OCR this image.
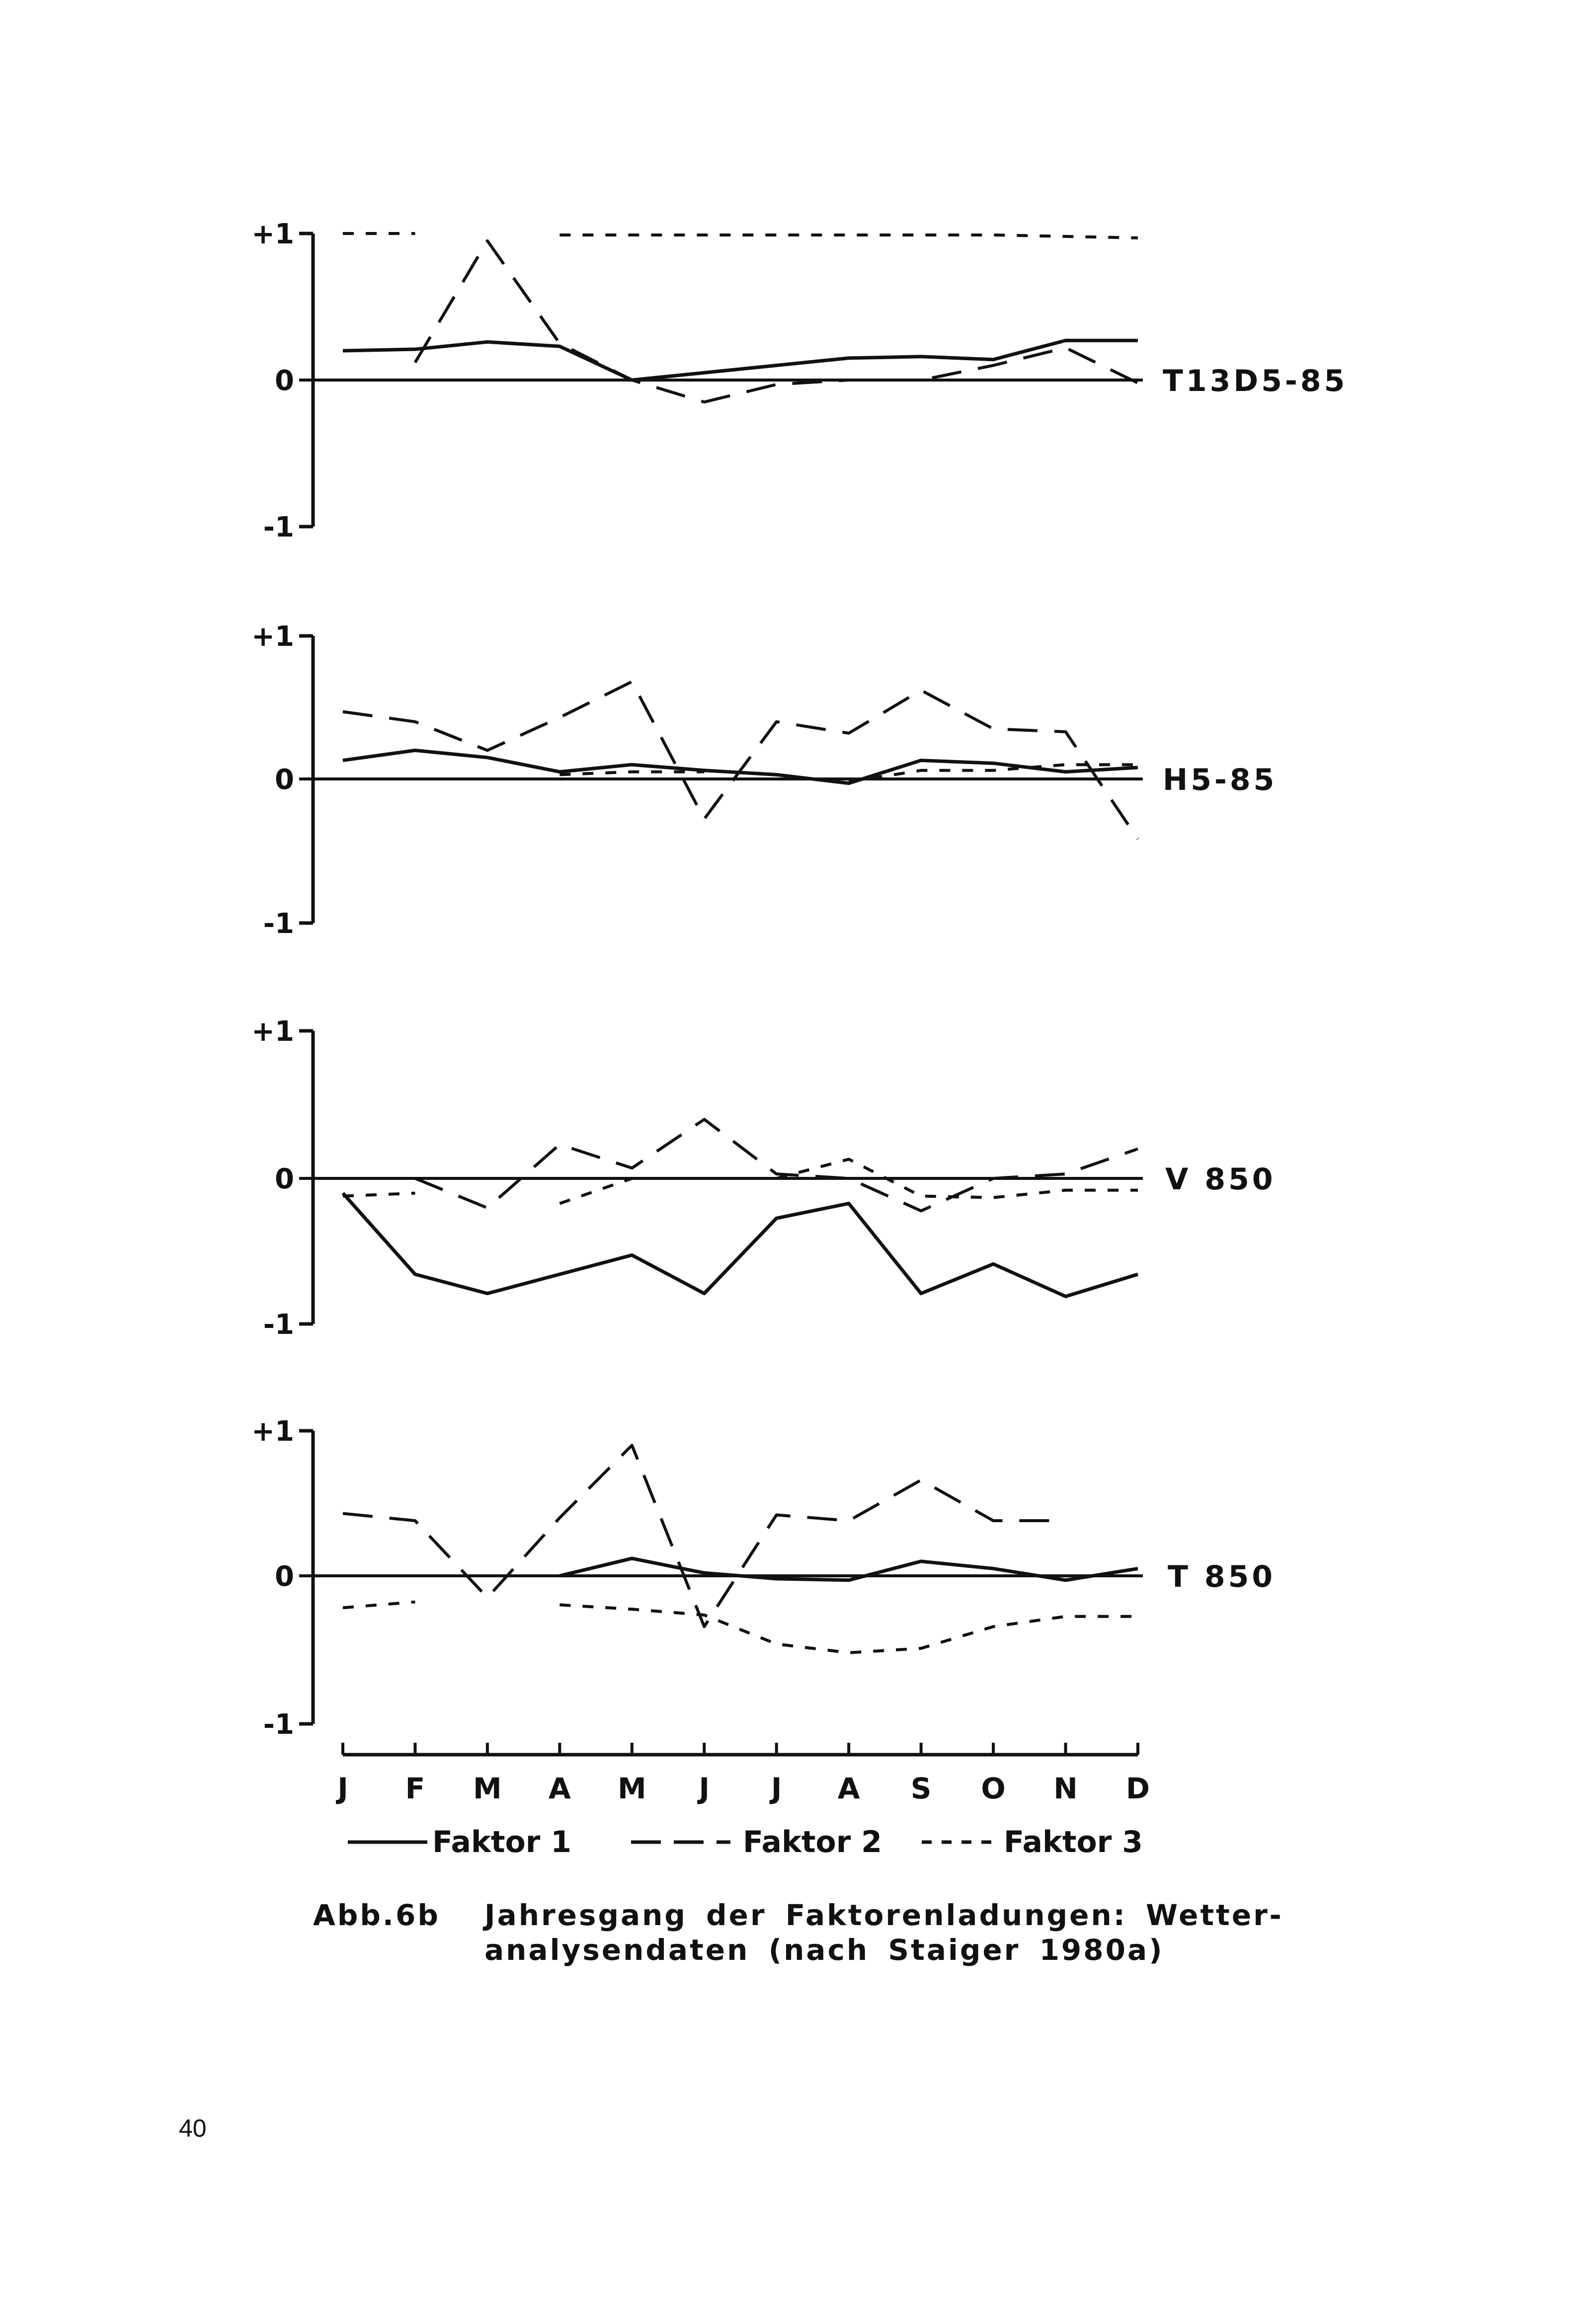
+1
0
-1
T13D5-85
+1
0
-1
H5-85
+1
0
-1
V 850
+1
0
-1
T 850
J F M A M J J A S O N D
Faktor 1	Faktor 2	Faktor 3
Abb.6b Jahresgang der Faktorenladungen: Wetter-analysendaten (nach Staiger 1980a)
40
